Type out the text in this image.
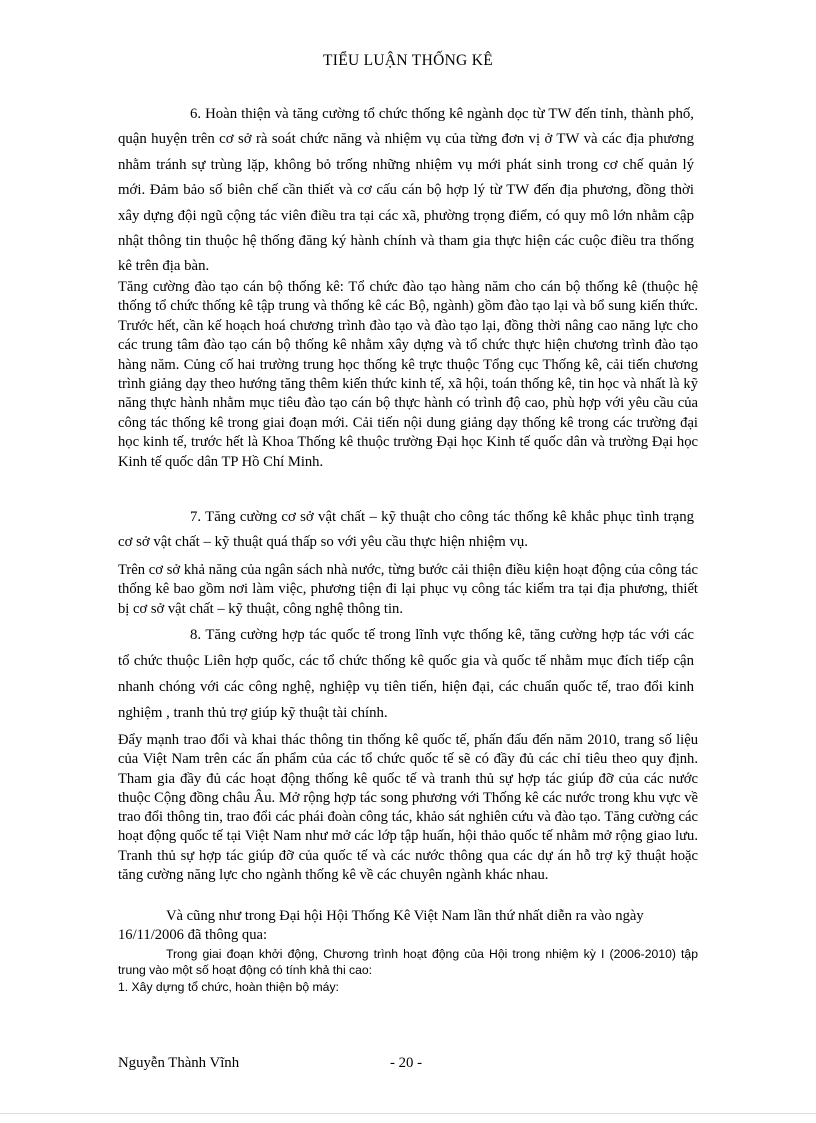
TIỂU LUẬN THỐNG KÊ

6. Hoàn thiện và tăng cường tổ chức thống kê ngành dọc từ TW đến tỉnh, thành phố, quận huyện trên cơ sở rà soát chức năng và nhiệm vụ của từng đơn vị ở TW và các địa phương nhằm tránh sự trùng lặp, không bỏ trống những nhiệm vụ mới phát sinh trong cơ chế quản lý mới. Đảm bảo số biên chế cần thiết và cơ cấu cán bộ hợp lý từ TW đến địa phương, đồng thời xây dựng đội ngũ cộng tác viên điều tra tại các xã, phường trọng điểm, có quy mô lớn nhằm cập nhật thông tin thuộc hệ thống đăng ký hành chính và tham gia thực hiện các cuộc điều tra thống kê trên địa bàn.

Tăng cường đào tạo cán bộ thống kê: Tổ chức đào tạo hàng năm cho cán bộ thống kê (thuộc hệ thống tổ chức thống kê tập trung và thống kê các Bộ, ngành) gồm đào tạo lại và bổ sung kiến thức. Trước hết, cần kế hoạch hoá chương trình đào tạo và đào tạo lại, đồng thời nâng cao năng lực cho các trung tâm đào tạo cán bộ thống kê nhằm xây dựng và tổ chức thực hiện chương trình đào tạo hàng năm. Củng cố hai trường trung học thống kê trực thuộc Tổng cục Thống kê, cải tiến chương trình giảng dạy theo hướng tăng thêm kiến thức kinh tế, xã hội, toán thống kê, tin học và nhất là kỹ năng thực hành nhằm mục tiêu đào tạo cán bộ thực hành có trình độ cao, phù hợp với yêu cầu của công tác thống kê trong giai đoạn mới. Cải tiến nội dung giảng dạy thống kê trong các trường đại học kinh tế, trước hết là Khoa Thống kê thuộc trường Đại học Kinh tế quốc dân và trường Đại học Kinh tế quốc dân TP Hồ Chí Minh.

7. Tăng cường cơ sở vật chất – kỹ thuật cho công tác thống kê khắc phục tình trạng cơ sở vật chất – kỹ thuật quá thấp so với yêu cầu thực hiện nhiệm vụ.

Trên cơ sở khả năng của ngân sách nhà nước, từng bước cải thiện điều kiện hoạt động của công tác thống kê bao gồm nơi làm việc, phương tiện đi lại phục vụ công tác kiểm tra tại địa phương, thiết bị cơ sở vật chất – kỹ thuật, công nghệ thông tin.

8. Tăng cường hợp tác quốc tế trong lĩnh vực thống kê, tăng cường hợp tác với các tổ chức thuộc Liên hợp quốc, các tổ chức thống kê quốc gia và quốc tế nhằm mục đích tiếp cận nhanh chóng với các công nghệ, nghiệp vụ tiên tiến, hiện đại, các chuẩn quốc tế, trao đổi kinh nghiệm , tranh thủ trợ giúp kỹ thuật tài chính.

Đẩy mạnh trao đổi và khai thác thông tin thống kê quốc tế, phấn đấu đến năm 2010, trang số liệu của Việt Nam trên các ấn phẩm của các tổ chức quốc tế sẽ có đầy đủ các chỉ tiêu theo quy định. Tham gia đầy đủ các hoạt động thống kê quốc tế và tranh thủ sự hợp tác giúp đỡ của các nước thuộc Cộng đồng châu Âu. Mở rộng hợp tác song phương với Thống kê các nước trong khu vực về trao đổi thông tin, trao đổi các phái đoàn công tác, khảo sát nghiên cứu và đào tạo. Tăng cường các hoạt động quốc tế tại Việt Nam như mở các lớp tập huấn, hội thảo quốc tế nhằm mở rộng giao lưu. Tranh thủ sự hợp tác giúp đỡ của quốc tế và các nước thông qua các dự án hỗ trợ kỹ thuật hoặc tăng cường năng lực cho ngành thống kê về các chuyên ngành khác nhau.

Và cũng như trong Đại hội Hội Thống Kê Việt Nam lần thứ nhất diễn ra vào ngày 16/11/2006 đã thông qua:

Trong giai đoạn khởi động, Chương trình hoạt động của Hội trong nhiệm kỳ I (2006-2010) tập trung vào một số hoạt động có tính khả thi cao:

1. Xây dựng tổ chức, hoàn thiện bộ máy:

Nguyễn Thành Vĩnh	- 20 -
